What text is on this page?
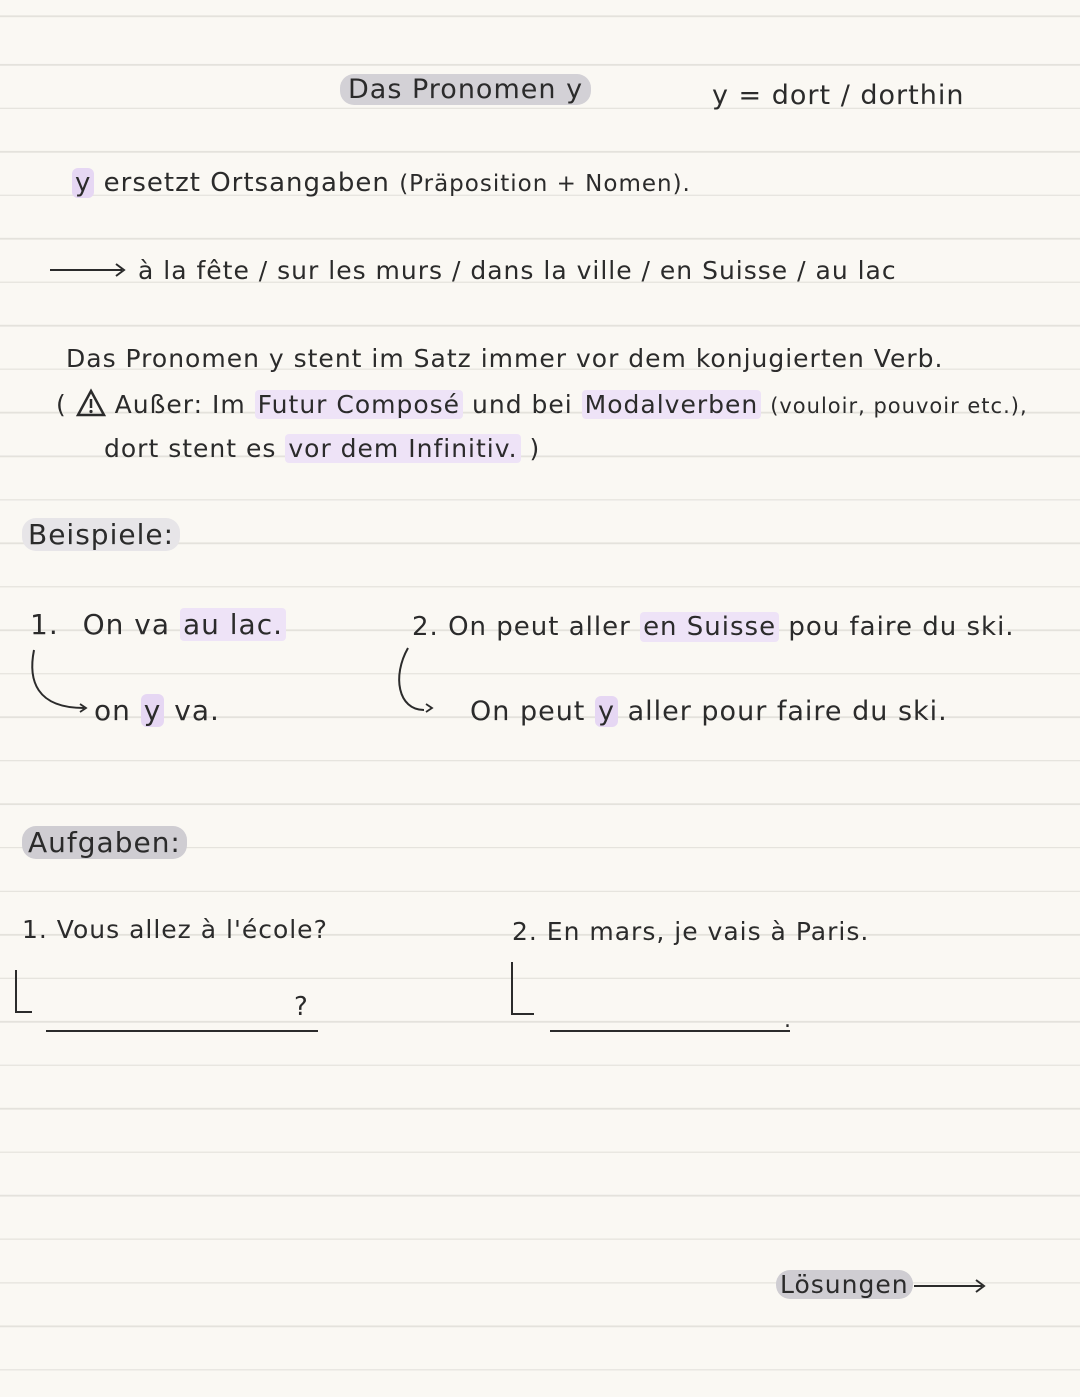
Das Pronomen y	y = dort / dorthin
y ersetzt Ortsangaben (Präposition + Nomen).
à la fête / sur les murs / dans la ville / en Suisse / au lac
Das Pronomen y stent im Satz immer vor dem konjugierten Verb.
( Außer: Im Futur Composé und bei Modalverben (vouloir, pouvoir etc.),
dort stent es vor dem Infinitiv. )
Beispiele:
1. On va au lac.
on y va.
2. On peut aller en Suisse pou faire du ski.
On peut y aller pour faire du ski.
Aufgaben:
1. Vous allez à l'école?
?
2. En mars, je vais à Paris.
.
Lösungen
